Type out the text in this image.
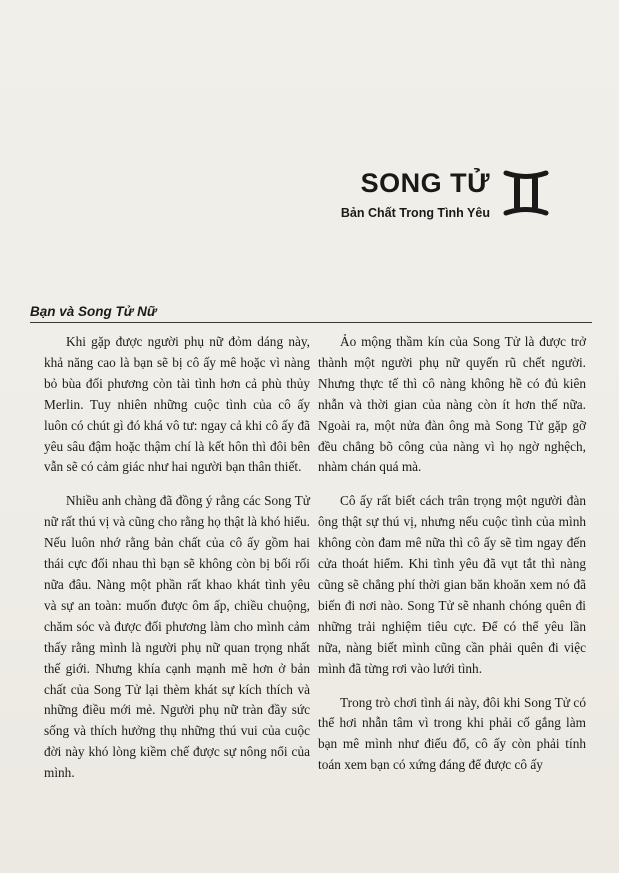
SONG TỬ
Bản Chất Trong Tình Yêu
Bạn và Song Tử Nữ

Khi gặp được người phụ nữ đỏm dáng này, khả năng cao là bạn sẽ bị cô ấy mê hoặc vì nàng bỏ bùa đối phương còn tài tình hơn cả phù thủy Merlin. Tuy nhiên những cuộc tình của cô ấy luôn có chút gì đó khá vô tư: ngay cả khi cô ấy đã yêu sâu đậm hoặc thậm chí là kết hôn thì đôi bên vẫn sẽ có cảm giác như hai người bạn thân thiết.

Nhiều anh chàng đã đồng ý rằng các Song Tử nữ rất thú vị và cũng cho rằng họ thật là khó hiểu. Nếu luôn nhớ rằng bản chất của cô ấy gồm hai thái cực đối nhau thì bạn sẽ không còn bị bối rối nữa đâu. Nàng một phần rất khao khát tình yêu và sự an toàn: muốn được ôm ấp, chiều chuộng, chăm sóc và được đối phương làm cho mình cảm thấy rằng mình là người phụ nữ quan trọng nhất thế giới. Nhưng khía cạnh mạnh mẽ hơn ở bản chất của Song Tử lại thèm khát sự kích thích và những điều mới mẻ. Người phụ nữ tràn đầy sức sống và thích hưởng thụ những thú vui của cuộc đời này khó lòng kiềm chế được sự nông nổi của mình.

Ảo mộng thầm kín của Song Tử là được trở thành một người phụ nữ quyến rũ chết người. Nhưng thực tế thì cô nàng không hề có đủ kiên nhẫn và thời gian của nàng còn ít hơn thế nữa. Ngoài ra, một nửa đàn ông mà Song Tử gặp gỡ đều chẳng bõ công của nàng vì họ ngờ nghệch, nhàm chán quá mà.

Cô ấy rất biết cách trân trọng một người đàn ông thật sự thú vị, nhưng nếu cuộc tình của mình không còn đam mê nữa thì cô ấy sẽ tìm ngay đến cửa thoát hiểm. Khi tình yêu đã vụt tắt thì nàng cũng sẽ chẳng phí thời gian băn khoăn xem nó đã biến đi nơi nào. Song Tử sẽ nhanh chóng quên đi những trải nghiệm tiêu cực. Để có thể yêu lần nữa, nàng biết mình cũng cần phải quên đi việc mình đã từng rơi vào lưới tình.

Trong trò chơi tình ái này, đôi khi Song Tử có thể hơi nhẫn tâm vì trong khi phải cố gắng làm bạn mê mình như điếu đổ, cô ấy còn phải tính toán xem bạn có xứng đáng để được cô ấy
